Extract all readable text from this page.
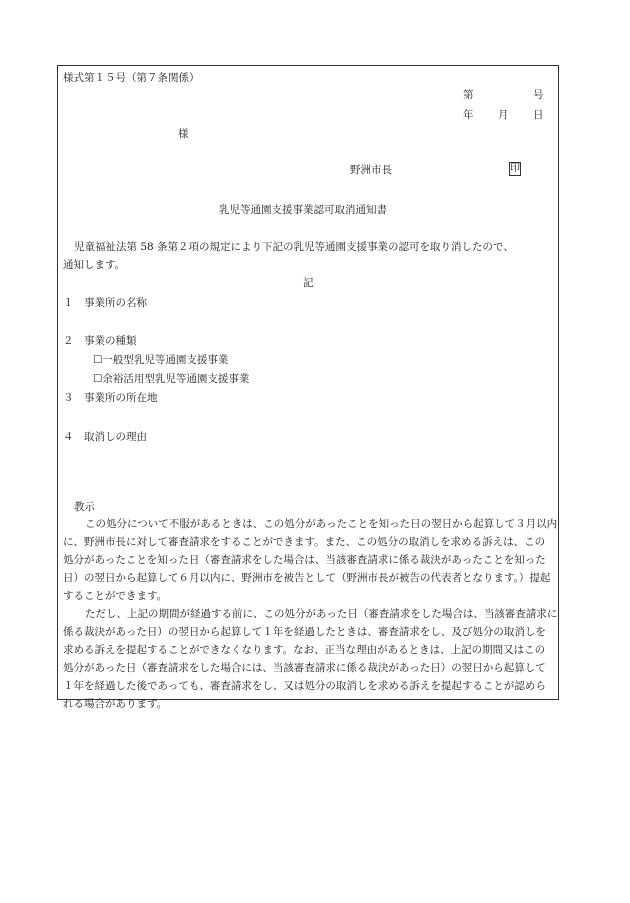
様式第１５号（第７条関係）
第	号
年 月 日
様
野洲市長	印
乳児等通園支援事業認可取消通知書
児童福祉法第 58 条第２項の規定により下記の乳児等通園支援事業の認可を取り消したので、
通知します。
記
１　事業所の名称
２　事業の種類
☐一般型乳児等通園支援事業
☐余裕活用型乳児等通園支援事業
３　事業所の所在地
４　取消しの理由
教示
この処分について不服があるときは、この処分があったことを知った日の翌日から起算して３月以内
に、野洲市長に対して審査請求をすることができます。また、この処分の取消しを求める訴えは、この
処分があったことを知った日（審査請求をした場合は、当該審査請求に係る裁決があったことを知った
日）の翌日から起算して６月以内に、野洲市を被告として（野洲市長が被告の代表者となります。）提起
することができます。
ただし、上記の期間が経過する前に、この処分があった日（審査請求をした場合は、当該審査請求に
係る裁決があった日）の翌日から起算して１年を経過したときは、審査請求をし、及び処分の取消しを
求める訴えを提起することができなくなります。なお、正当な理由があるときは、上記の期間又はこの
処分があった日（審査請求をした場合には、当該審査請求に係る裁決があった日）の翌日から起算して
１年を経過した後であっても、審査請求をし、又は処分の取消しを求める訴えを提起することが認めら
れる場合があります。
